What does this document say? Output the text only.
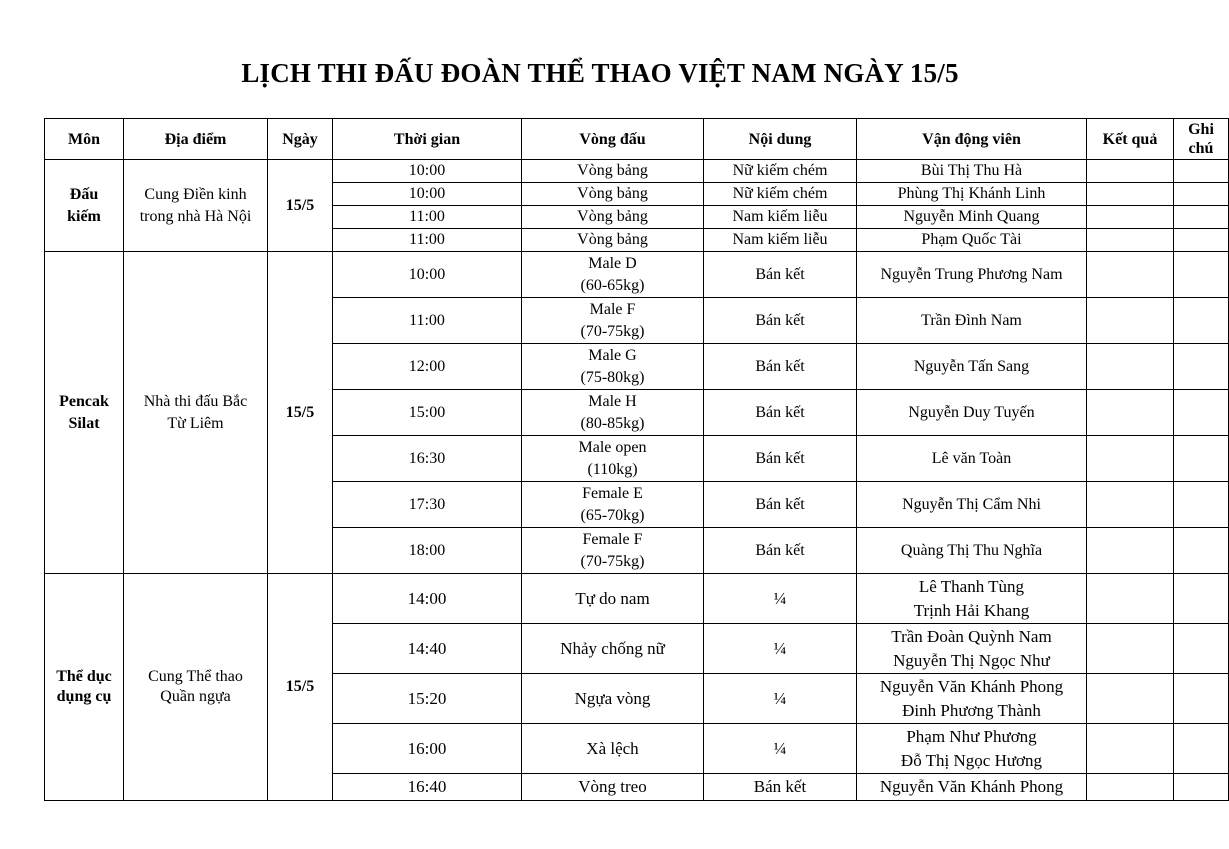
LỊCH THI ĐẤU ĐOÀN THỂ THAO VIỆT NAM NGÀY 15/5
Môn	Địa điểm	Ngày	Thời gian	Vòng đấu	Nội dung	Vận động viên	Kết quả	Ghi
chú

Đấu
kiếm	Cung Điền kinh
trong nhà Hà Nội	15/5	10:00	Vòng bảng	Nữ kiếm chém	Bùi Thị Thu Hà		

			10:00	Vòng bảng	Nữ kiếm chém	Phùng Thị Khánh Linh		

			11:00	Vòng bảng	Nam kiếm liễu	Nguyễn Minh Quang		

			11:00	Vòng bảng	Nam kiếm liễu	Phạm Quốc Tài		

Pencak
Silat	Nhà thi đấu Bắc
Từ Liêm	15/5	10:00	Male D
(60-65kg)	Bán kết	Nguyễn Trung Phương Nam		

			11:00	Male F
(70-75kg)	Bán kết	Trần Đình Nam		

			12:00	Male G
(75-80kg)	Bán kết	Nguyễn Tấn Sang		

			15:00	Male H
(80-85kg)	Bán kết	Nguyễn Duy Tuyến		

			16:30	Male open
(110kg)	Bán kết	Lê văn Toàn		

			17:30	Female E
(65-70kg)	Bán kết	Nguyễn Thị Cẩm Nhi		

			18:00	Female F
(70-75kg)	Bán kết	Quàng Thị Thu Nghĩa		

Thể dục
dụng cụ	Cung Thể thao
Quần ngựa	15/5	14:00	Tự do nam	¼	Lê Thanh Tùng
Trịnh Hải Khang		

			14:40	Nhảy chống nữ	¼	Trần Đoàn Quỳnh Nam
Nguyễn Thị Ngọc Như		

			15:20	Ngựa vòng	¼	Nguyễn Văn Khánh Phong
Đinh Phương Thành		

			16:00	Xà lệch	¼	Phạm Như Phương
Đỗ Thị Ngọc Hương		

			16:40	Vòng treo	Bán kết	Nguyễn Văn Khánh Phong		
